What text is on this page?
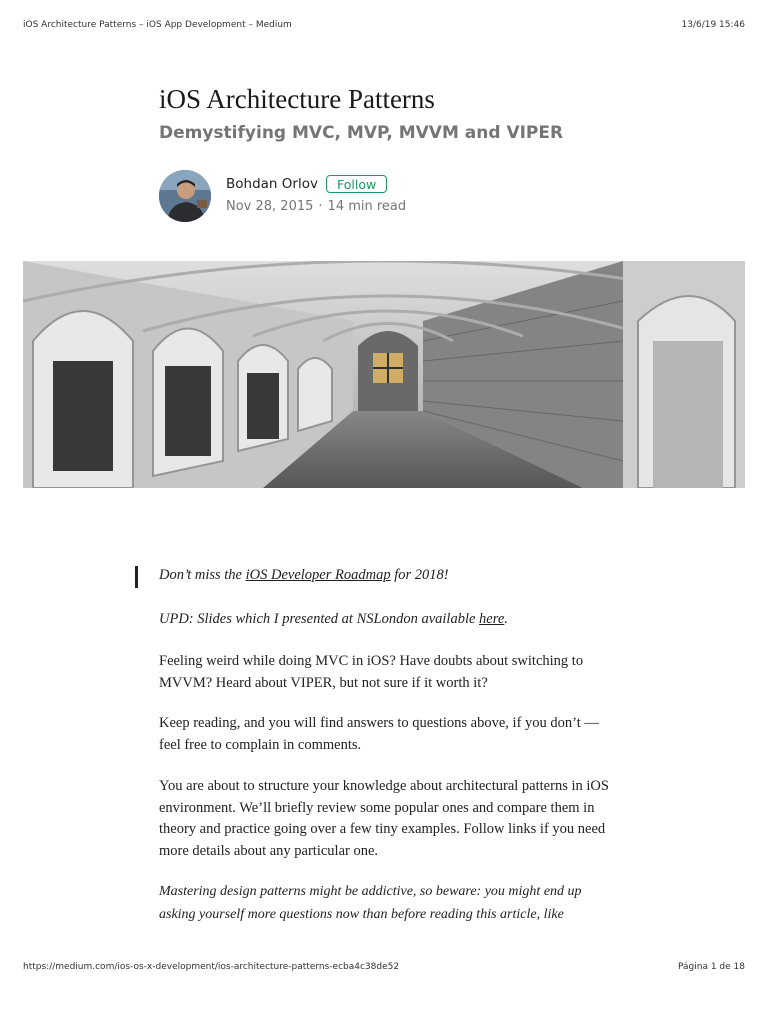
iOS Architecture Patterns – iOS App Development – Medium	13/6/19 15:46
iOS Architecture Patterns
Demystifying MVC, MVP, MVVM and VIPER
Bohdan Orlov	Follow
Nov 28, 2015 · 14 min read

Don’t miss the iOS Developer Roadmap for 2018!

UPD: Slides which I presented at NSLondon available here.

Feeling weird while doing MVC in iOS? Have doubts about switching to MVVM? Heard about VIPER, but not sure if it worth it?

Keep reading, and you will find answers to questions above, if you don’t —feel free to complain in comments.

You are about to structure your knowledge about architectural patterns in iOS environment. We’ll briefly review some popular ones and compare them in theory and practice going over a few tiny examples. Follow links if you need more details about any particular one.

Mastering design patterns might be addictive, so beware: you might end up asking yourself more questions now than before reading this article, like

https://medium.com/ios-os-x-development/ios-architecture-patterns-ecba4c38de52	Página 1 de 18
